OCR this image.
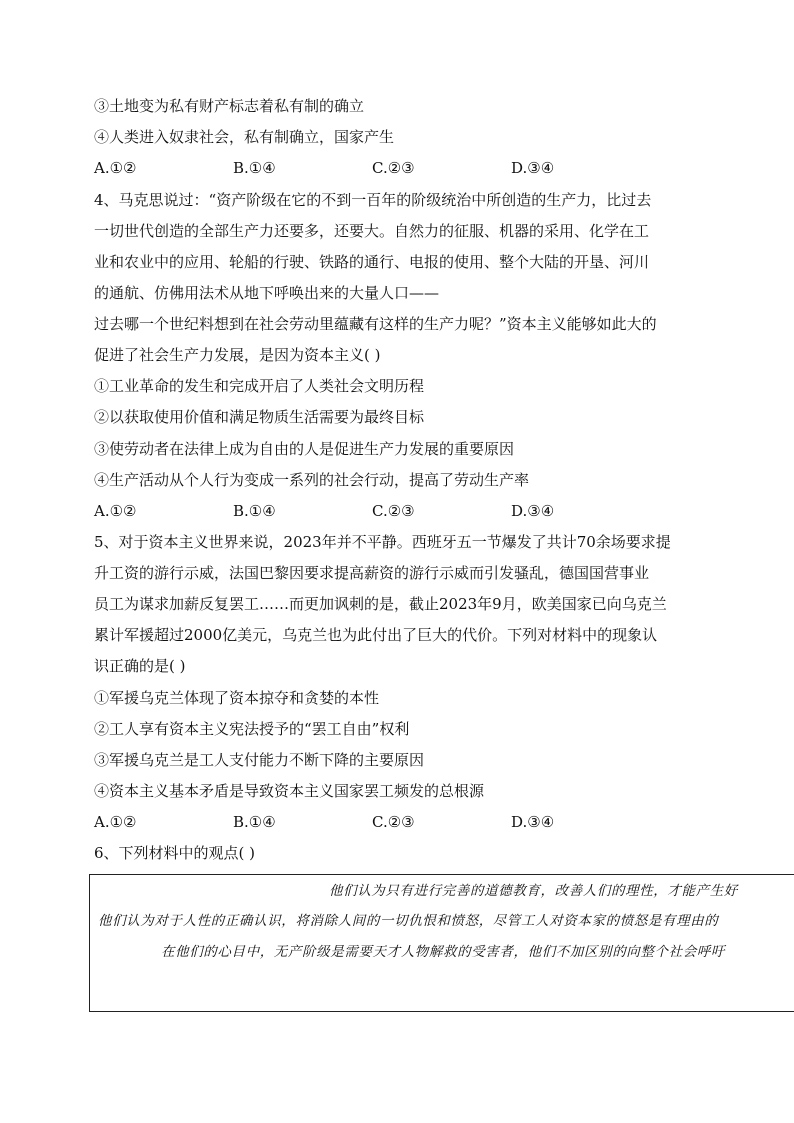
③土地变为私有财产标志着私有制的确立

④人类进入奴隶社会，私有制确立，国家产生

A.①②	B.①④	C.②③	D.③④

4、马克思说过：“资产阶级在它的不到一百年的阶级统治中所创造的生产力，比过去

一切世代创造的全部生产力还要多，还要大。自然力的征服、机器的采用、化学在工

业和农业中的应用、轮船的行驶、铁路的通行、电报的使用、整个大陆的开垦、河川

的通航、仿佛用法术从地下呼唤出来的大量人口——

过去哪一个世纪料想到在社会劳动里蕴藏有这样的生产力呢？”资本主义能够如此大的

促进了社会生产力发展，是因为资本主义( )

①工业革命的发生和完成开启了人类社会文明历程

②以获取使用价值和满足物质生活需要为最终目标

③使劳动者在法律上成为自由的人是促进生产力发展的重要原因

④生产活动从个人行为变成一系列的社会行动，提高了劳动生产率

A.①②	B.①④	C.②③	D.③④

5、对于资本主义世界来说，2023年并不平静。西班牙五一节爆发了共计70余场要求提

升工资的游行示威，法国巴黎因要求提高薪资的游行示威而引发骚乱，德国国营事业

员工为谋求加薪反复罢工……而更加讽刺的是，截止2023年9月，欧美国家已向乌克兰

累计军援超过2000亿美元，乌克兰也为此付出了巨大的代价。下列对材料中的现象认

识正确的是( )

①军援乌克兰体现了资本掠夺和贪婪的本性

②工人享有资本主义宪法授予的“罢工自由”权利

③军援乌克兰是工人支付能力不断下降的主要原因

④资本主义基本矛盾是导致资本主义国家罢工频发的总根源

A.①②	B.①④	C.②③	D.③④

6、下列材料中的观点( )

他们认为只有进行完善的道德教育，改善人们的理性，才能产生好

他们认为对于人性的正确认识，将消除人间的一切仇恨和愤怒，尽管工人对资本家的愤怒是有理由的

在他们的心目中，无产阶级是需要天才人物解救的受害者，他们不加区别的向整个社会呼吁
